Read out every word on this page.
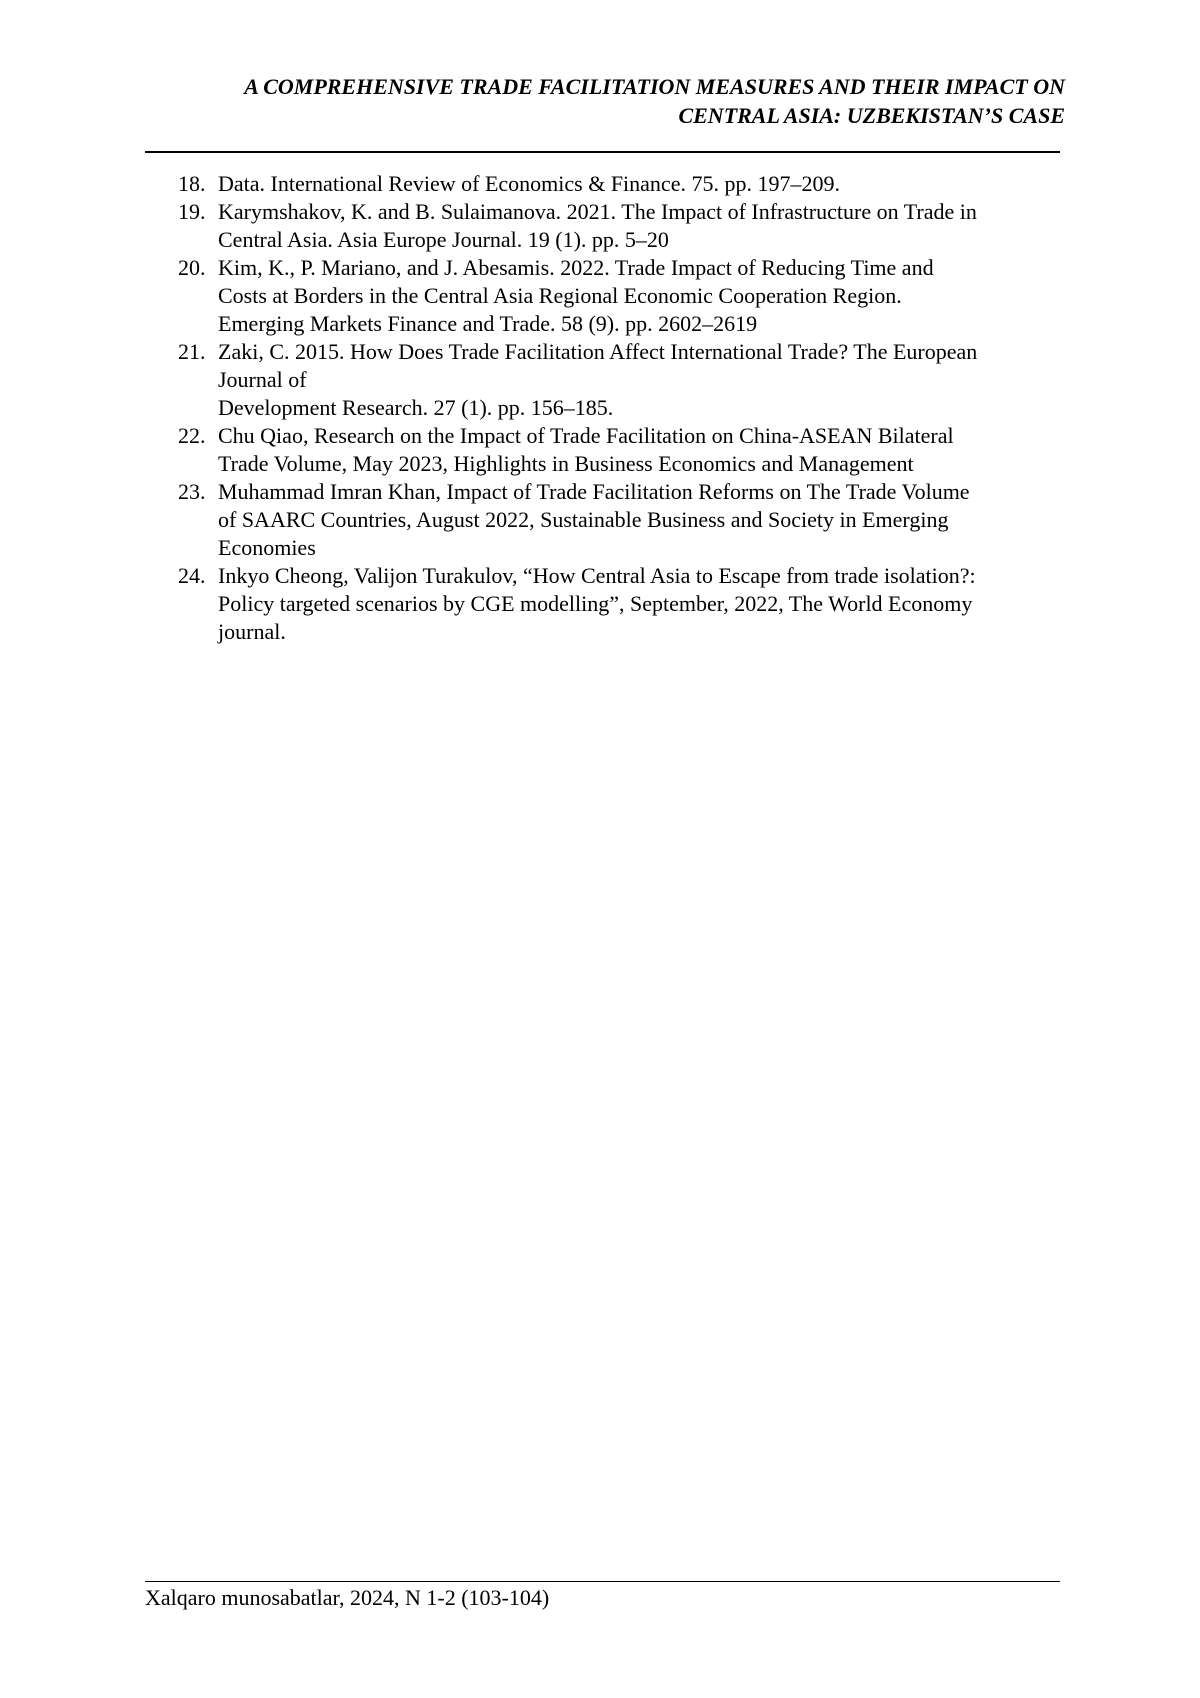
A COMPREHENSIVE TRADE FACILITATION MEASURES AND THEIR IMPACT ON
CENTRAL ASIA: UZBEKISTAN’S CASE
18. Data. International Review of Economics & Finance. 75. pp. 197–209.
19. Karymshakov, K. and B. Sulaimanova. 2021. The Impact of Infrastructure on Trade in
Central Asia. Asia Europe Journal. 19 (1). pp. 5–20
20. Kim, K., P. Mariano, and J. Abesamis. 2022. Trade Impact of Reducing Time and
Costs at Borders in the Central Asia Regional Economic Cooperation Region.
Emerging Markets Finance and Trade. 58 (9). pp. 2602–2619
21. Zaki, C. 2015. How Does Trade Facilitation Affect International Trade? The European
Journal of
Development Research. 27 (1). pp. 156–185.
22. Chu Qiao, Research on the Impact of Trade Facilitation on China-ASEAN Bilateral
Trade Volume, May 2023, Highlights in Business Economics and Management
23. Muhammad Imran Khan, Impact of Trade Facilitation Reforms on The Trade Volume
of SAARC Countries, August 2022, Sustainable Business and Society in Emerging
Economies
24. Inkyo Cheong, Valijon Turakulov, “How Central Asia to Escape from trade isolation?:
Policy targeted scenarios by CGE modelling”, September, 2022, The World Economy
journal.
Xalqaro munosabatlar, 2024, N 1-2 (103-104)
